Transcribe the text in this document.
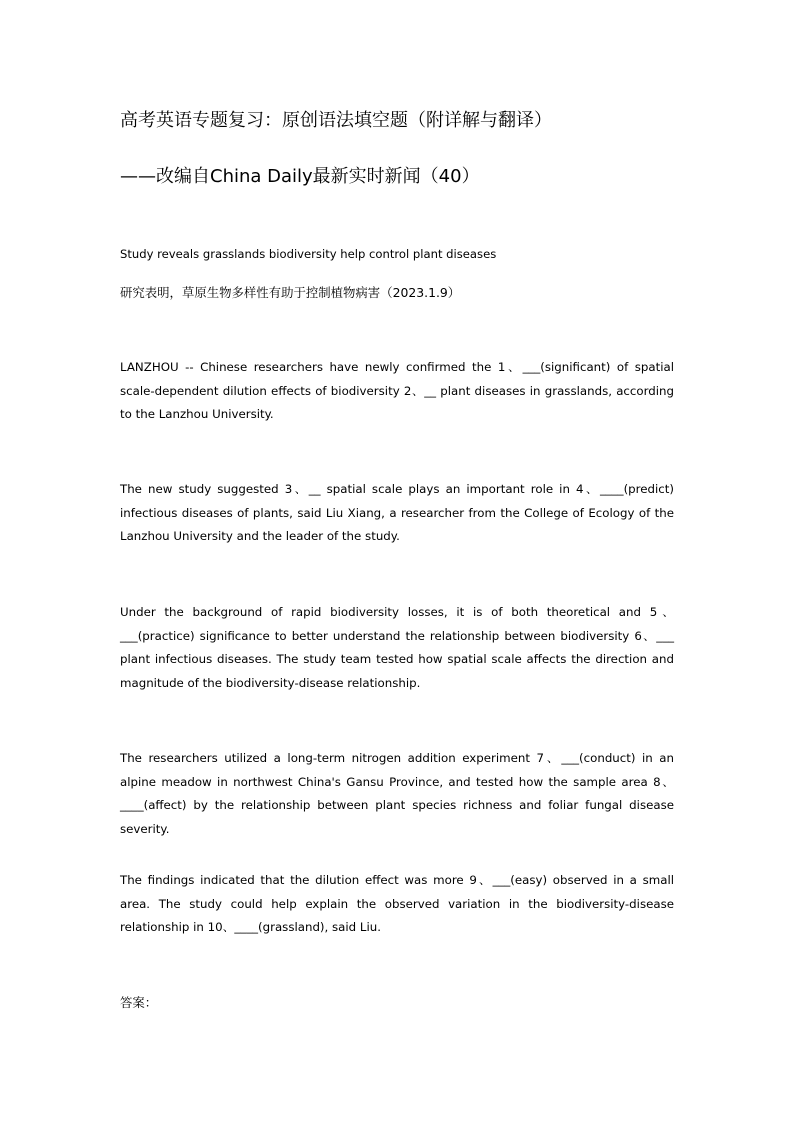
高考英语专题复习：原创语法填空题（附详解与翻译）
——改编自China Daily最新实时新闻（40）
Study reveals grasslands biodiversity help control plant diseases
研究表明，草原生物多样性有助于控制植物病害（2023.1.9）
LANZHOU -- Chinese researchers have newly confirmed the 1、___(significant) of spatial scale-dependent dilution effects of biodiversity 2、__ plant diseases in grasslands, according to the Lanzhou University.
The new study suggested 3、__ spatial scale plays an important role in 4、____(predict) infectious diseases of plants, said Liu Xiang, a researcher from the College of Ecology of the Lanzhou University and the leader of the study.
Under the background of rapid biodiversity losses, it is of both theoretical and 5、___(practice) significance to better understand the relationship between biodiversity 6、___ plant infectious diseases. The study team tested how spatial scale affects the direction and magnitude of the biodiversity-disease relationship.
The researchers utilized a long-term nitrogen addition experiment 7、___(conduct) in an alpine meadow in northwest China's Gansu Province, and tested how the sample area 8、____(affect) by the relationship between plant species richness and foliar fungal disease severity.
The findings indicated that the dilution effect was more 9、___(easy) observed in a small area. The study could help explain the observed variation in the biodiversity-disease relationship in 10、____(grassland), said Liu.
答案：
